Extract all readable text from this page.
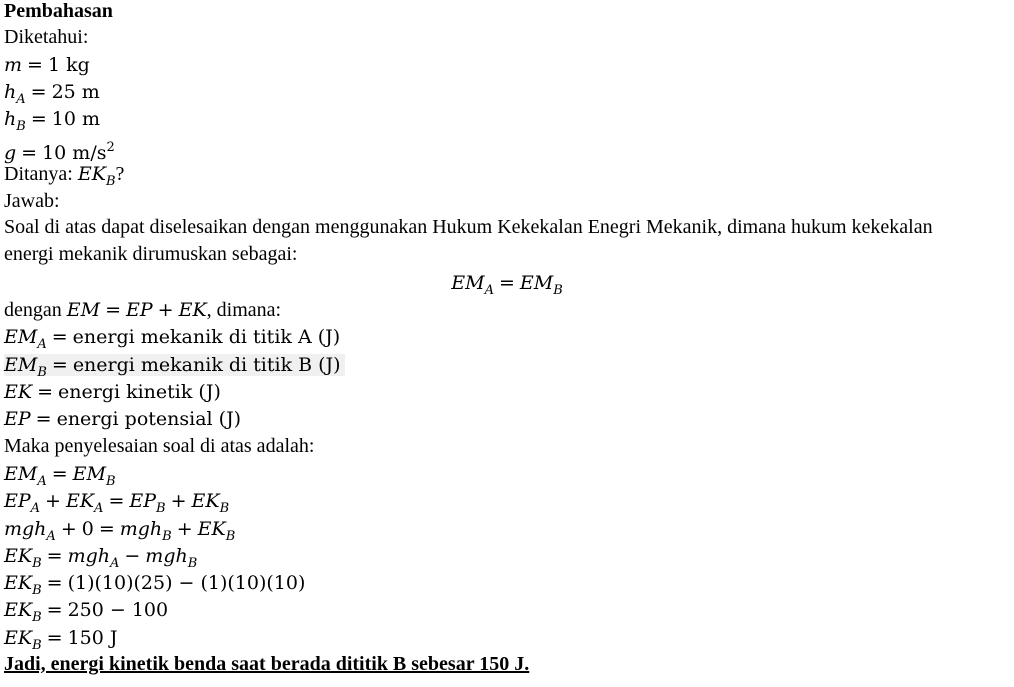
Pembahasan
Diketahui:
m = 1 kg
$h_A = 25$ m
$h_B = 10$ m
g = 10 $m/s^2$
Ditanya: $EK_B$?
Jawab:
Soal di atas dapat diselesaikan dengan menggunakan Hukum Kekekalan Enegri Mekanik, dimana hukum kekekalan
energi mekanik dirumuskan sebagai:
$EM_A = EM_B$
dengan EM = EP + EK, dimana:
$EM_A$ = energi mekanik di titik A (J)
$EM_B$ = energi mekanik di titik B (J)
EK = energi kinetik (J)
EP = energi potensial (J)
Maka penyelesaian soal di atas adalah:
$EM_A = EM_B$
$EP_A + EK_A = EP_B + EK_B$
$mgh_A + 0 = mgh_B + EK_B$
$EK_B = mgh_A - mgh_B$
$EK_B = (1)(10)(25) - (1)(10)(10)$
$EK_B = 250 - 100$
$EK_B = 150$ J
Jadi, energi kinetik benda saat berada dititik B sebesar 150 J.
